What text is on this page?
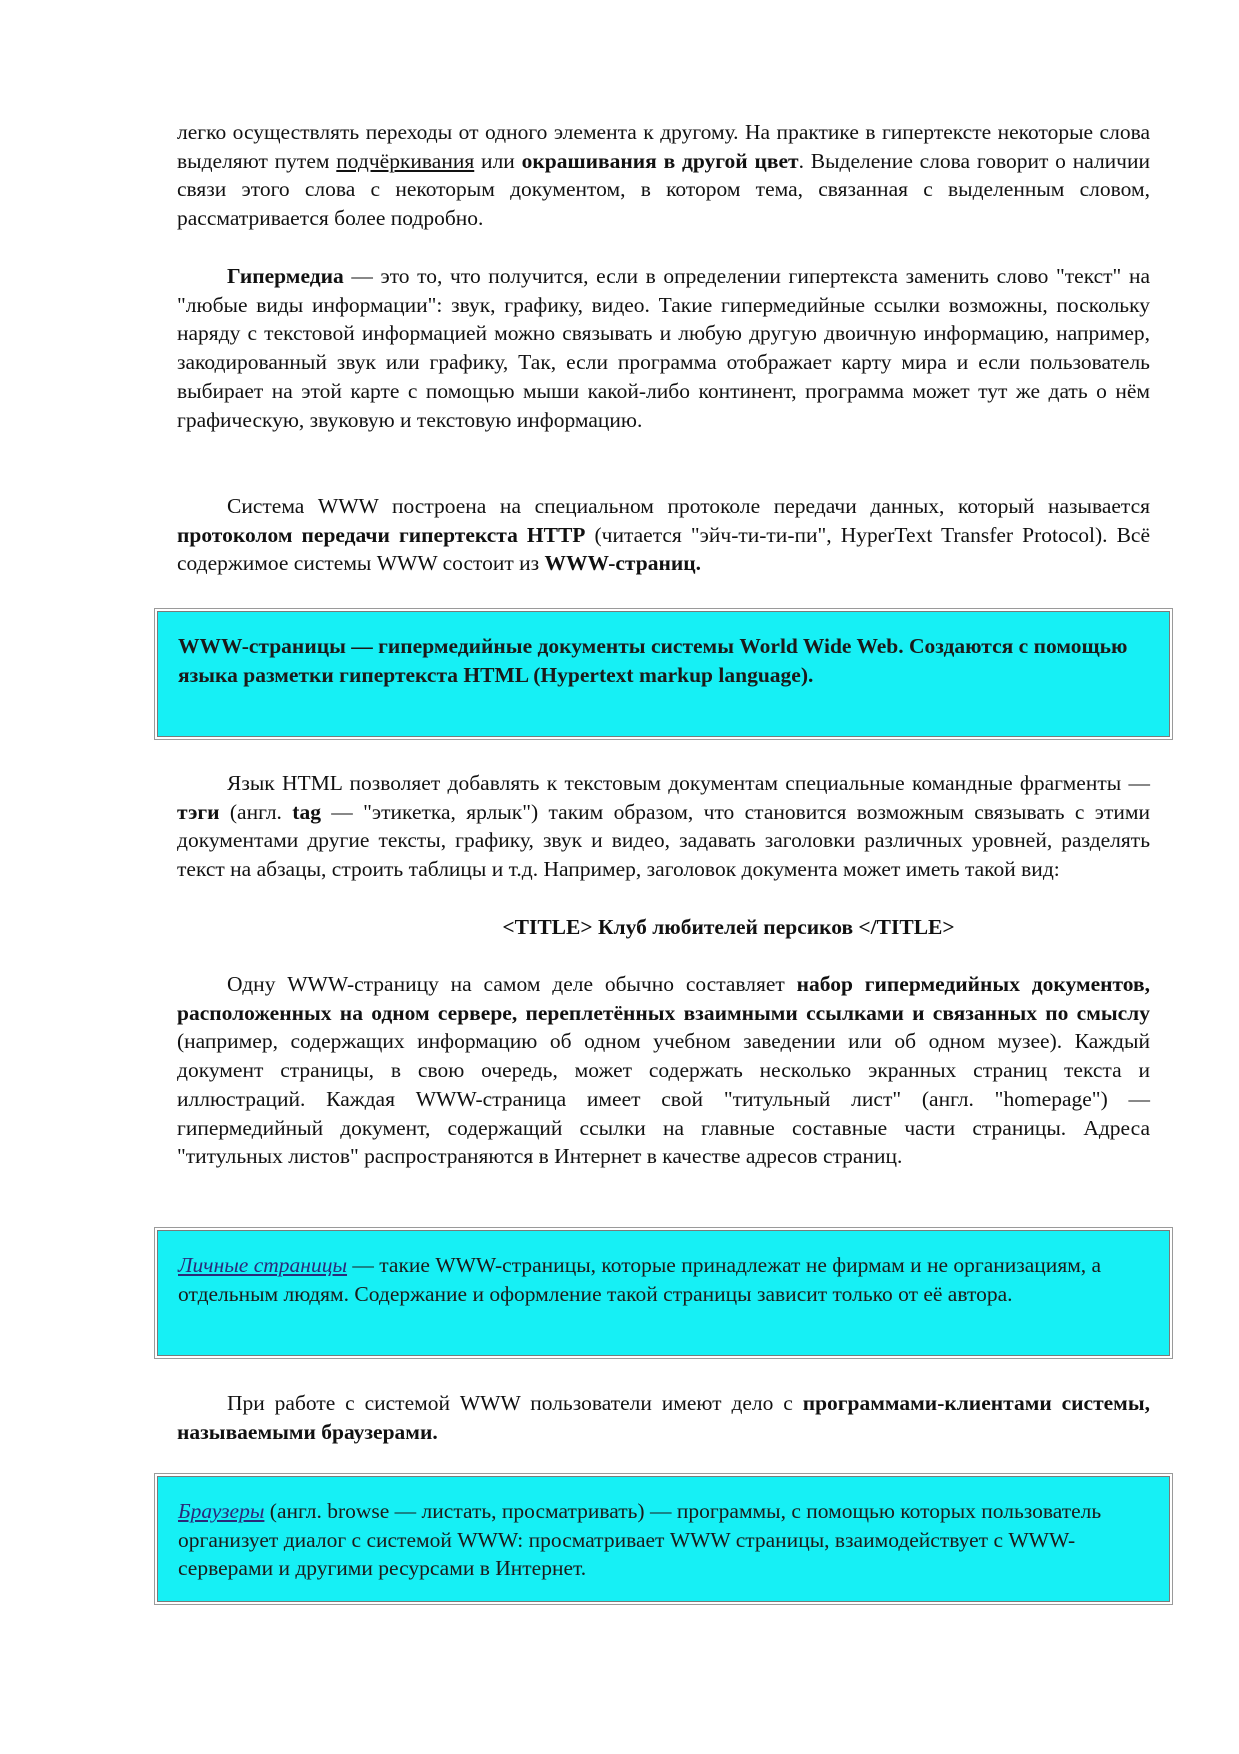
легко осуществлять переходы от одного элемента к другому. На практике в гипертексте некоторые слова выделяют путем подчёркивания или окрашивания в другой цвет. Выделение слова говорит о наличии связи этого слова с некоторым документом, в котором тема, связанная с выделенным словом, рассматривается более подробно.

Гипермедиа — это то, что получится, если в определении гипертекста заменить слово "текст" на "любые виды информации": звук, графику, видео. Такие гипермедийные ссылки возможны, поскольку наряду с текстовой информацией можно связывать и любую другую двоичную информацию, например, закодированный звук или графику, Так, если программа отображает карту мира и если пользователь выбирает на этой карте с помощью мыши какой-либо континент, программа может тут же дать о нём графическую, звуковую и текстовую информацию.

Система WWW построена на специальном протоколе передачи данных, который называется протоколом передачи гипертекста HTTP (читается "эйч-ти-ти-пи", HyperText Transfer Protocol). Всё содержимое системы WWW состоит из WWW-страниц.

WWW-страницы — гипермедийные документы системы World Wide Web. Создаются с помощью языка разметки гипертекста HTML (Hypertext markup language).

Язык HTML позволяет добавлять к текстовым документам специальные командные фрагменты — тэги (англ. tag — "этикетка, ярлык") таким образом, что становится возможным связывать с этими документами другие тексты, графику, звук и видео, задавать заголовки различных уровней, разделять текст на абзацы, строить таблицы и т.д. Например, заголовок документа может иметь такой вид:

<TITLE> Клуб любителей персиков </TITLE>

Одну WWW-страницу на самом деле обычно составляет набор гипермедийных документов, расположенных на одном сервере, переплетённых взаимными ссылками и связанных по смыслу (например, содержащих информацию об одном учебном заведении или об одном музее). Каждый документ страницы, в свою очередь, может содержать несколько экранных страниц текста и иллюстраций. Каждая WWW-страница имеет свой "титульный лист" (англ. "homepage") — гипермедийный документ, содержащий ссылки на главные составные части страницы. Адреса "титульных листов" распространяются в Интернет в качестве адресов страниц.

Личные страницы — такие WWW-страницы, которые принадлежат не фирмам и не организациям, а отдельным людям. Содержание и оформление такой страницы зависит только от её автора.

При работе с системой WWW пользователи имеют дело с программами-клиентами системы, называемыми браузерами.

Браузеры (англ. browse — листать, просматривать) — программы, с помощью которых пользователь организует диалог с системой WWW: просматривает WWW страницы, взаимодействует с WWW-серверами и другими ресурсами в Интернет.
